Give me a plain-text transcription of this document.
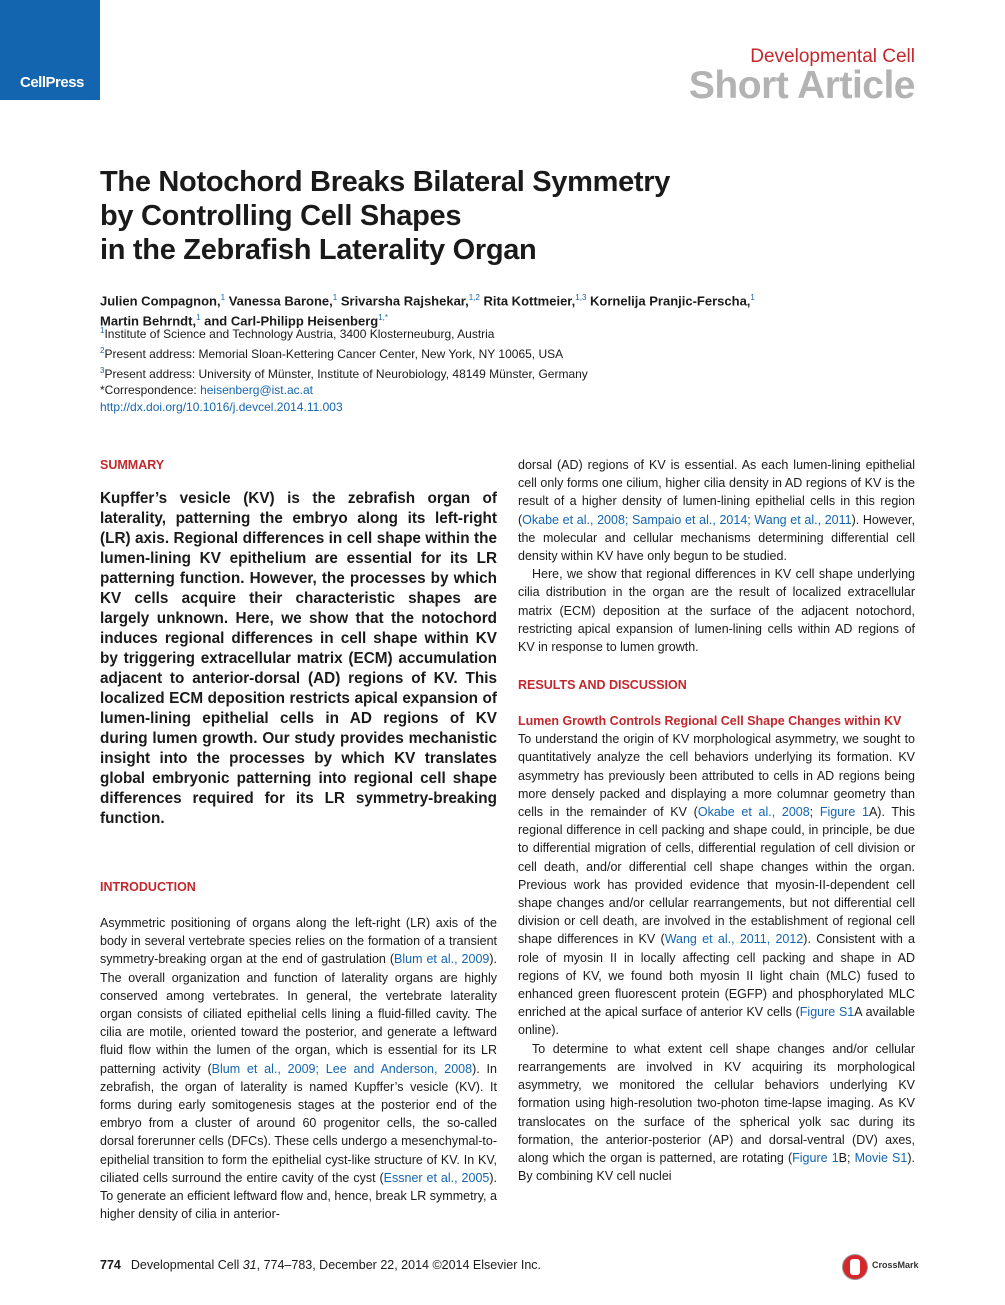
CellPress
Developmental Cell
Short Article
The Notochord Breaks Bilateral Symmetry
by Controlling Cell Shapes
in the Zebrafish Laterality Organ
Julien Compagnon,$^1$ Vanessa Barone,$^1$ Srivarsha Rajshekar,$^{1,2}$ Rita Kottmeier,$^{1,3}$ Kornelija Pranjic-Ferscha,$^1$
Martin Behrndt,$^1$ and Carl-Philipp Heisenberg$^{1,*}$
$^1$Institute of Science and Technology Austria, 3400 Klosterneuburg, Austria
$^2$Present address: Memorial Sloan-Kettering Cancer Center, New York, NY 10065, USA
$^3$Present address: University of Münster, Institute of Neurobiology, 48149 Münster, Germany
*Correspondence: heisenberg@ist.ac.at
http://dx.doi.org/10.1016/j.devcel.2014.11.003
SUMMARY

Kupffer’s vesicle (KV) is the zebrafish organ of laterality, patterning the embryo along its left-right (LR) axis. Regional differences in cell shape within the lumen-lining KV epithelium are essential for its LR patterning function. However, the processes by which KV cells acquire their characteristic shapes are largely unknown. Here, we show that the notochord induces regional differences in cell shape within KV by triggering extracellular matrix (ECM) accumulation adjacent to anterior-dorsal (AD) regions of KV. This localized ECM deposition restricts apical expansion of lumen-lining epithelial cells in AD regions of KV during lumen growth. Our study provides mechanistic insight into the processes by which KV translates global embryonic patterning into regional cell shape differences required for its LR symmetry-breaking function.

INTRODUCTION

Asymmetric positioning of organs along the left-right (LR) axis of the body in several vertebrate species relies on the formation of a transient symmetry-breaking organ at the end of gastrulation (Blum et al., 2009). The overall organization and function of laterality organs are highly conserved among vertebrates. In general, the vertebrate laterality organ consists of ciliated epithelial cells lining a fluid-filled cavity. The cilia are motile, oriented toward the posterior, and generate a leftward fluid flow within the lumen of the organ, which is essential for its LR patterning activity (Blum et al., 2009; Lee and Anderson, 2008). In zebrafish, the organ of laterality is named Kupffer’s vesicle (KV). It forms during early somitogenesis stages at the posterior end of the embryo from a cluster of around 60 progenitor cells, the so-called dorsal forerunner cells (DFCs). These cells undergo a mesenchymal-to-epithelial transition to form the epithelial cyst-like structure of KV. In KV, ciliated cells surround the entire cavity of the cyst (Essner et al., 2005). To generate an efficient leftward flow and, hence, break LR symmetry, a higher density of cilia in anterior-

dorsal (AD) regions of KV is essential. As each lumen-lining epithelial cell only forms one cilium, higher cilia density in AD regions of KV is the result of a higher density of lumen-lining epithelial cells in this region (Okabe et al., 2008; Sampaio et al., 2014; Wang et al., 2011). However, the molecular and cellular mechanisms determining differential cell density within KV have only begun to be studied.

Here, we show that regional differences in KV cell shape underlying cilia distribution in the organ are the result of localized extracellular matrix (ECM) deposition at the surface of the adjacent notochord, restricting apical expansion of lumen-lining cells within AD regions of KV in response to lumen growth.

RESULTS AND DISCUSSION
Lumen Growth Controls Regional Cell Shape Changes within KV

To understand the origin of KV morphological asymmetry, we sought to quantitatively analyze the cell behaviors underlying its formation. KV asymmetry has previously been attributed to cells in AD regions being more densely packed and displaying a more columnar geometry than cells in the remainder of KV (Okabe et al., 2008; Figure 1A). This regional difference in cell packing and shape could, in principle, be due to differential migration of cells, differential regulation of cell division or cell death, and/or differential cell shape changes within the organ. Previous work has provided evidence that myosin-II-dependent cell shape changes and/or cellular rearrangements, but not differential cell division or cell death, are involved in the establishment of regional cell shape differences in KV (Wang et al., 2011, 2012). Consistent with a role of myosin II in locally affecting cell packing and shape in AD regions of KV, we found both myosin II light chain (MLC) fused to enhanced green fluorescent protein (EGFP) and phosphorylated MLC enriched at the apical surface of anterior KV cells (Figure S1A available online).

To determine to what extent cell shape changes and/or cellular rearrangements are involved in KV acquiring its morphological asymmetry, we monitored the cellular behaviors underlying KV formation using high-resolution two-photon time-lapse imaging. As KV translocates on the surface of the spherical yolk sac during its formation, the anterior-posterior (AP) and dorsal-ventral (DV) axes, along which the organ is patterned, are rotating (Figure 1B; Movie S1). By combining KV cell nuclei

774 Developmental Cell 31, 774–783, December 22, 2014 ©2014 Elsevier Inc.	CrossMark
